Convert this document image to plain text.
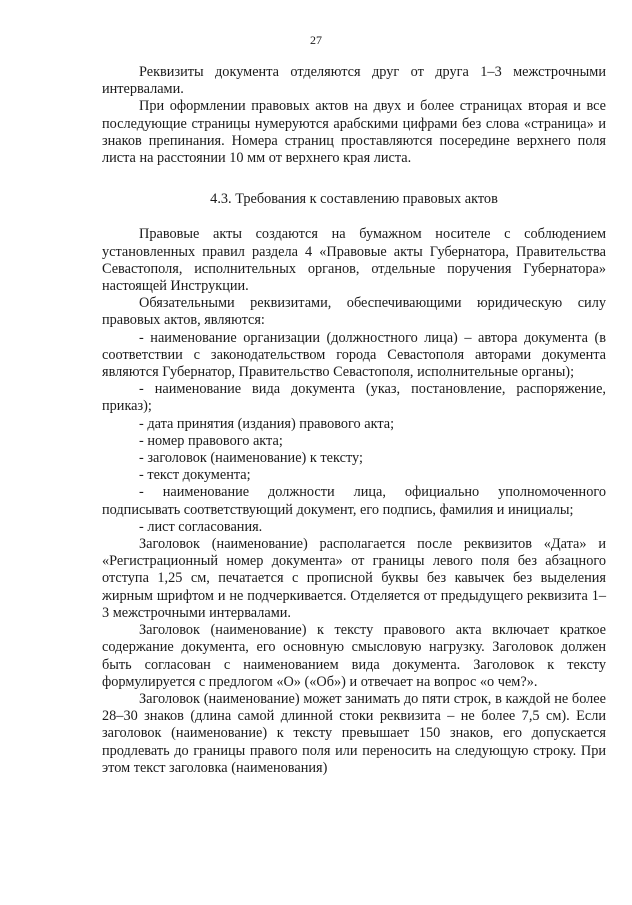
27

Реквизиты документа отделяются друг от друга 1–3 межстрочными интервалами.

При оформлении правовых актов на двух и более страницах вторая и все последующие страницы нумеруются арабскими цифрами без слова «страница» и знаков препинания. Номера страниц проставляются посередине верхнего поля листа на расстоянии 10 мм от верхнего края листа.

4.3. Требования к составлению правовых актов

Правовые акты создаются на бумажном носителе с соблюдением установленных правил раздела 4 «Правовые акты Губернатора, Правительства Севастополя, исполнительных органов, отдельные поручения Губернатора» настоящей Инструкции.

Обязательными реквизитами, обеспечивающими юридическую силу правовых актов, являются:

- наименование организации (должностного лица) – автора документа (в соответствии с законодательством города Севастополя авторами документа являются Губернатор, Правительство Севастополя, исполнительные органы);

- наименование вида документа (указ, постановление, распоряжение, приказ);

- дата принятия (издания) правового акта;

- номер правового акта;

- заголовок (наименование) к тексту;

- текст документа;

- наименование должности лица, официально уполномоченного подписывать соответствующий документ, его подпись, фамилия и инициалы;

- лист согласования.

Заголовок (наименование) располагается после реквизитов «Дата» и «Регистрационный номер документа» от границы левого поля без абзацного отступа 1,25 см, печатается с прописной буквы без кавычек без выделения жирным шрифтом и не подчеркивается. Отделяется от предыдущего реквизита 1–3 межстрочными интервалами.

Заголовок (наименование) к тексту правового акта включает краткое содержание документа, его основную смысловую нагрузку. Заголовок должен быть согласован с наименованием вида документа. Заголовок к тексту формулируется с предлогом «О» («Об») и отвечает на вопрос «о чем?».

Заголовок (наименование) может занимать до пяти строк, в каждой не более 28–30 знаков (длина самой длинной стоки реквизита – не более 7,5 см). Если заголовок (наименование) к тексту превышает 150 знаков, его допускается продлевать до границы правого поля или переносить на следующую строку. При этом текст заголовка (наименования)
